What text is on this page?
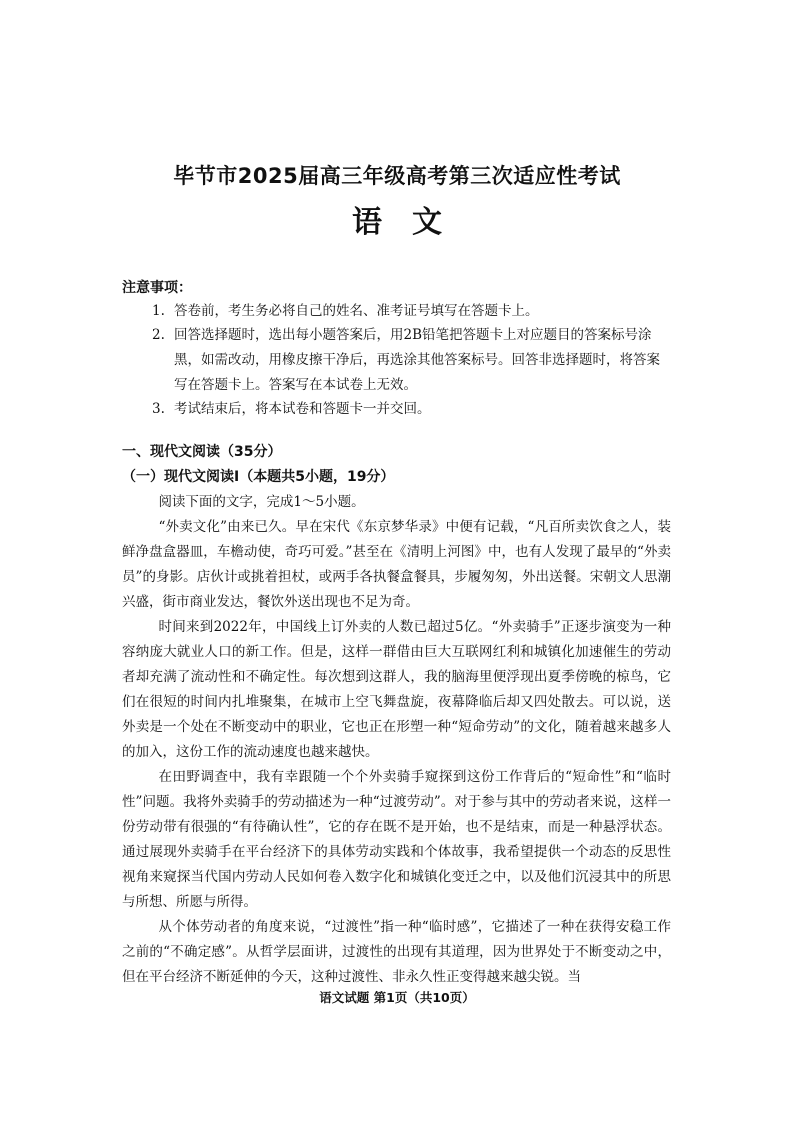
毕节市2025届高三年级高考第三次适应性考试
语文
注意事项：
1. 答卷前，考生务必将自己的姓名、准考证号填写在答题卡上。
2. 回答选择题时，选出每小题答案后，用2B铅笔把答题卡上对应题目的答案标号涂黑，如需改动，用橡皮擦干净后，再选涂其他答案标号。回答非选择题时，将答案写在答题卡上。答案写在本试卷上无效。
3. 考试结束后，将本试卷和答题卡一并交回。
一、现代文阅读（35分）
（一）现代文阅读Ⅰ（本题共5小题，19分）

阅读下面的文字，完成1～5小题。

“外卖文化”由来已久。早在宋代《东京梦华录》中便有记载，“凡百所卖饮食之人，装鲜净盘盒器皿，车檐动使，奇巧可爱。”甚至在《清明上河图》中，也有人发现了最早的“外卖员”的身影。店伙计或挑着担杖，或两手各执餐盒餐具，步履匆匆，外出送餐。宋朝文人思潮兴盛，街市商业发达，餐饮外送出现也不足为奇。

时间来到2022年，中国线上订外卖的人数已超过5亿。“外卖骑手”正逐步演变为一种容纳庞大就业人口的新工作。但是，这样一群借由巨大互联网红利和城镇化加速催生的劳动者却充满了流动性和不确定性。每次想到这群人，我的脑海里便浮现出夏季傍晚的椋鸟，它们在很短的时间内扎堆聚集，在城市上空飞舞盘旋，夜幕降临后却又四处散去。可以说，送外卖是一个处在不断变动中的职业，它也正在形塑一种“短命劳动”的文化，随着越来越多人的加入，这份工作的流动速度也越来越快。

在田野调查中，我有幸跟随一个个外卖骑手窥探到这份工作背后的“短命性”和“临时性”问题。我将外卖骑手的劳动描述为一种“过渡劳动”。对于参与其中的劳动者来说，这样一份劳动带有很强的“有待确认性”，它的存在既不是开始，也不是结束，而是一种悬浮状态。通过展现外卖骑手在平台经济下的具体劳动实践和个体故事，我希望提供一个动态的反思性视角来窥探当代国内劳动人民如何卷入数字化和城镇化变迁之中，以及他们沉浸其中的所思与所想、所愿与所得。

从个体劳动者的角度来说，“过渡性”指一种“临时感”，它描述了一种在获得安稳工作之前的“不确定感”。从哲学层面讲，过渡性的出现有其道理，因为世界处于不断变动之中，但在平台经济不断延伸的今天，这种过渡性、非永久性正变得越来越尖锐。当

语文试题 第1页（共10页）
